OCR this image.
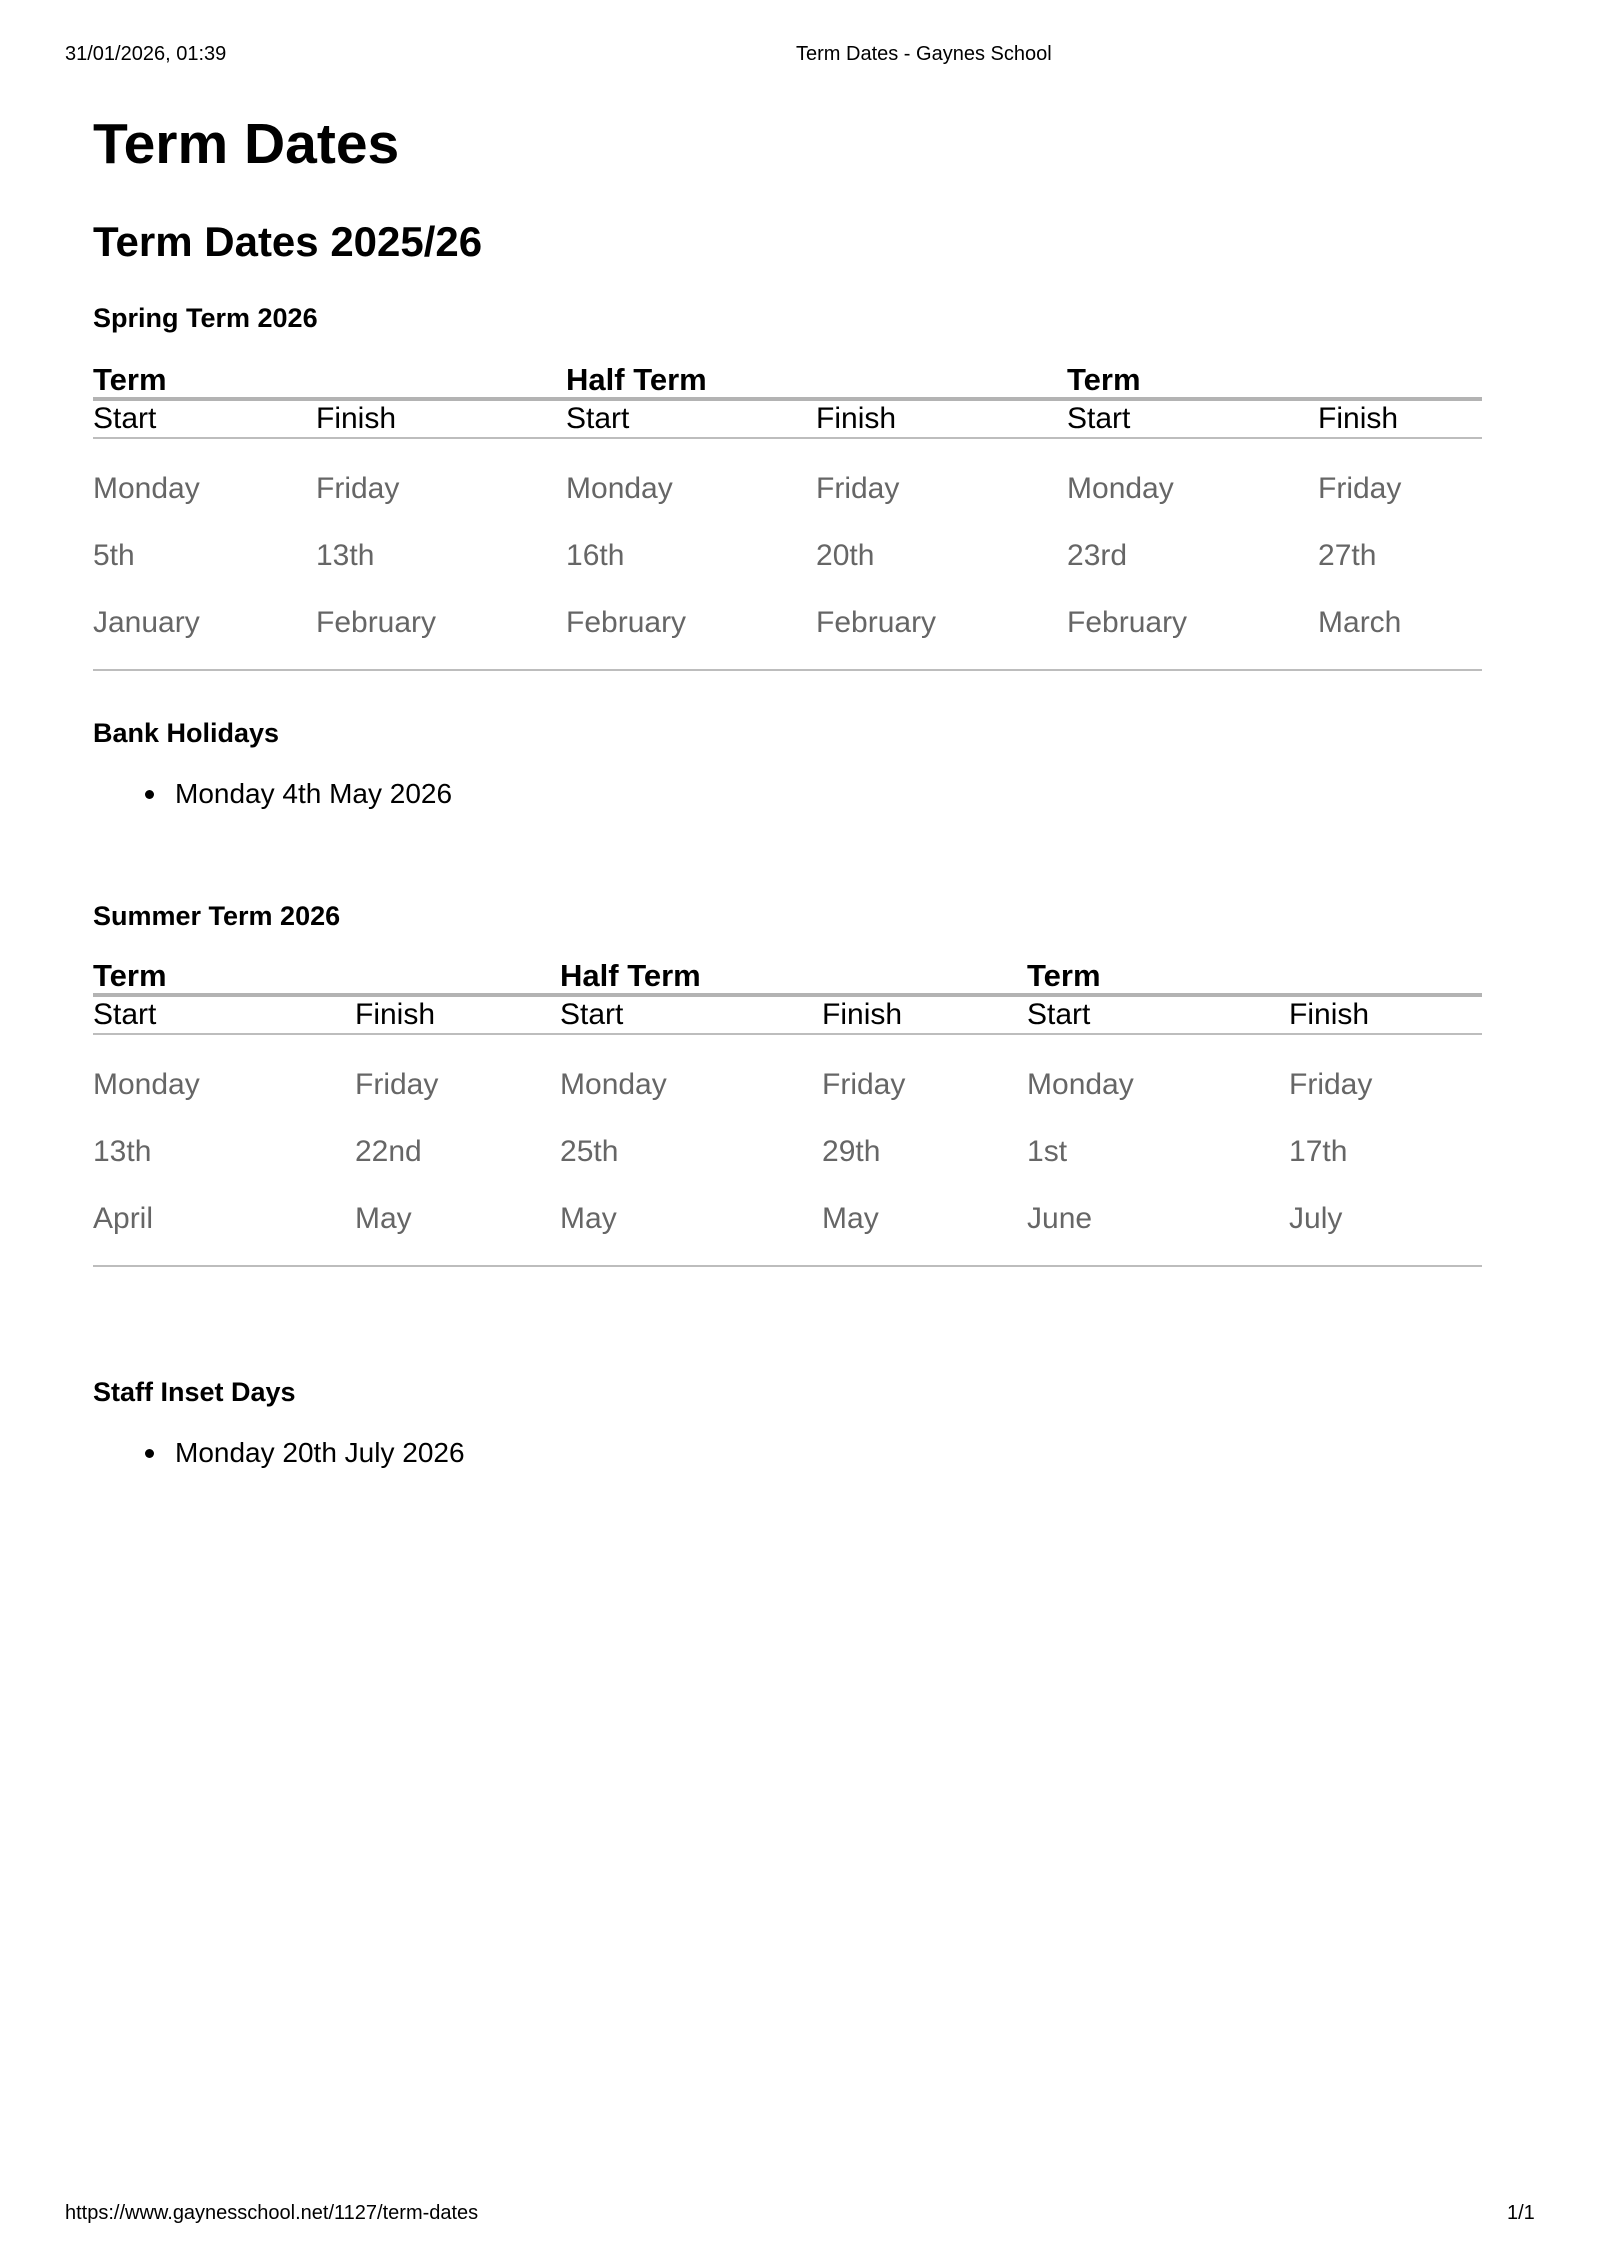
31/01/2026, 01:39	Term Dates - Gaynes School
Term Dates
Term Dates 2025/26
Spring Term 2026
Term		Half Term		Term	
Start	Finish	Start	Finish	Start	Finish

Monday	Friday	Monday	Friday	Monday	Friday
5th	13th	16th	20th	23rd	27th
January	February	February	February	February	March

Bank Holidays
Monday 4th May 2026
Summer Term 2026
Term		Half Term		Term	
Start	Finish	Start	Finish	Start	Finish

Monday	Friday	Monday	Friday	Monday	Friday
13th	22nd	25th	29th	1st	17th
April	May	May	May	June	July

Staff Inset Days
Monday 20th July 2026
https://www.gaynesschool.net/1127/term-dates	1/1
